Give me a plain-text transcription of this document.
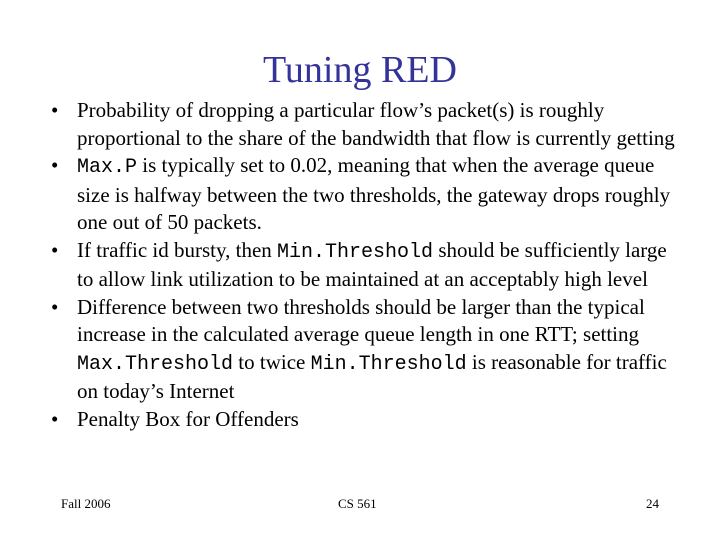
Tuning RED
• Probability of dropping a particular flow’s packet(s) is roughly proportional to the share of the bandwidth that flow is currently getting
• Max.P is typically set to 0.02, meaning that when the average queue size is halfway between the two thresholds, the gateway drops roughly one out of 50 packets.
• If traffic id bursty, then Min.Threshold should be sufficiently large to allow link utilization to be maintained at an acceptably high level
• Difference between two thresholds should be larger than the typical increase in the calculated average queue length in one RTT; setting Max.Threshold to twice Min.Threshold is reasonable for traffic on today’s Internet
• Penalty Box for Offenders
Fall 2006	CS 561	24
